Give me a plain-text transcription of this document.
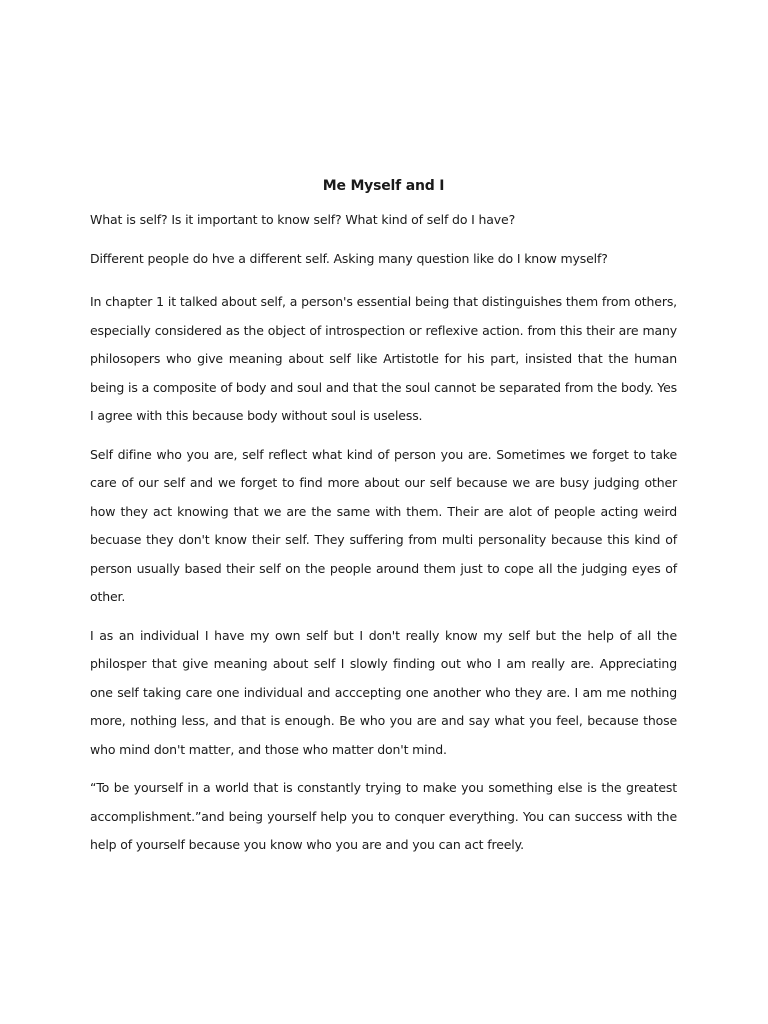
Me Myself and I

What is self? Is it important to know self? What kind of self do I have?

Different people do hve a different self. Asking many question like do I know myself?

In chapter 1 it talked about self, a person's essential being that distinguishes them from others, especially considered as the object of introspection or reflexive action. from this their are many philosopers who give meaning about self like Artistotle for his part, insisted that the human being is a composite of body and soul and that the soul cannot be separated from the body. Yes I agree with this because body without soul is useless.

Self difine who you are, self reflect what kind of person you are. Sometimes we forget to take care of our self and we forget to find more about our self because we are busy judging other how they act knowing that we are the same with them. Their are alot of people acting weird becuase they don't know their self. They suffering from multi personality because this kind of person usually based their self on the people around them just to cope all the judging eyes of other.

I as an individual I have my own self but I don't really know my self but the help of all the philosper that give meaning about self I slowly finding out who I am really are. Appreciating one self taking care one individual and acccepting one another who they are. I am me nothing more, nothing less, and that is enough. Be who you are and say what you feel, because those who mind don't matter, and those who matter don't mind.

“To be yourself in a world that is constantly trying to make you something else is the greatest accomplishment.”and being yourself help you to conquer everything. You can success with the help of yourself because you know who you are and you can act freely.
